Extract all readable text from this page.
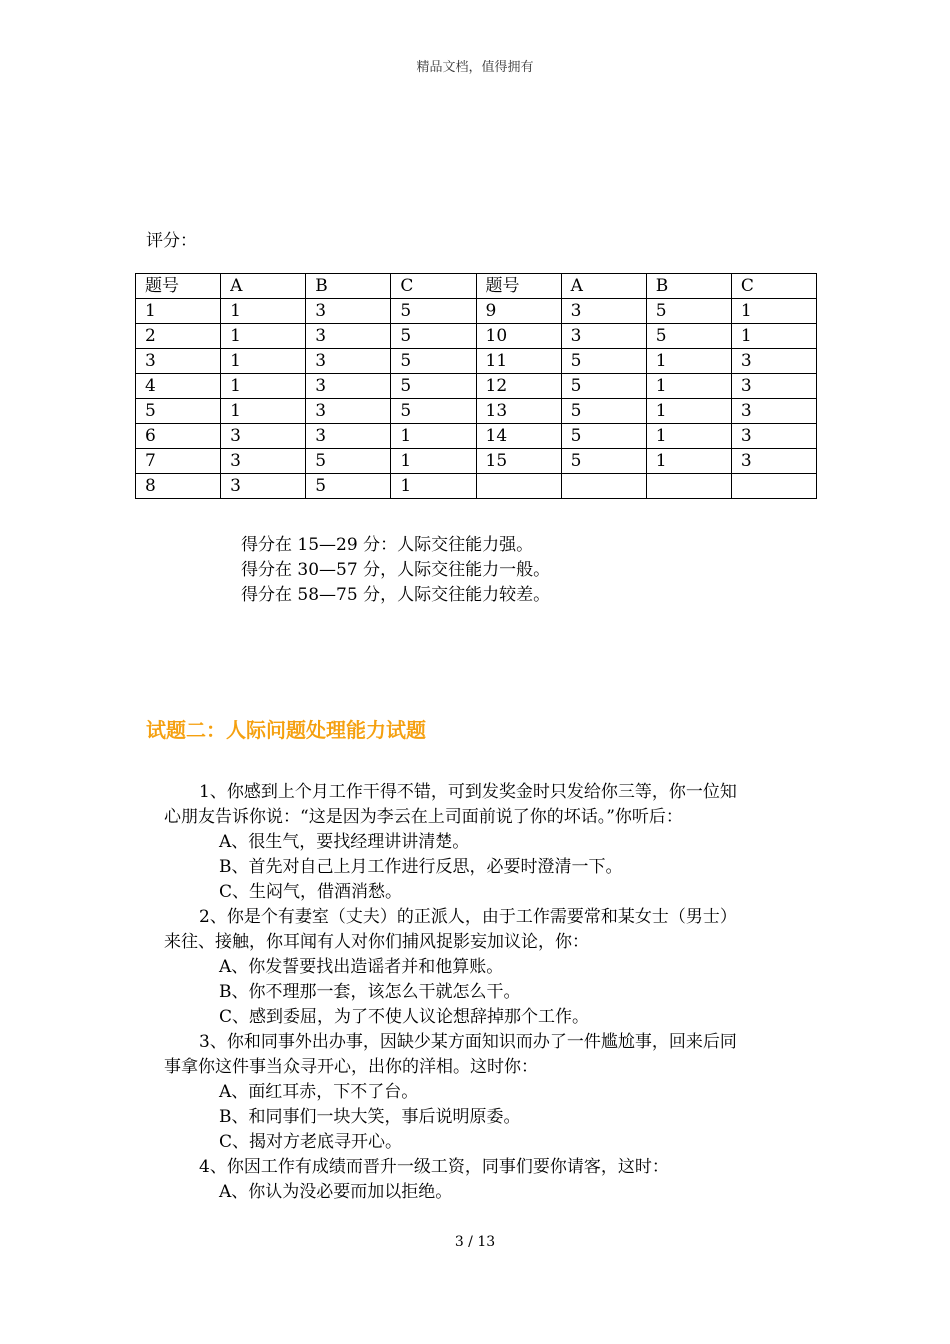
精品文档，值得拥有
评分：
题号	A	B	C	题号	A	B	C
1	1	3	5	9	3	5	1
2	1	3	5	10	3	5	1
3	1	3	5	11	5	1	3
4	1	3	5	12	5	1	3
5	1	3	5	13	5	1	3
6	3	3	1	14	5	1	3
7	3	5	1	15	5	1	3
8	3	5	1				
得分在 15—29 分：人际交往能力强。
得分在 30—57 分，人际交往能力一般。
得分在 58—75 分，人际交往能力较差。
试题二：人际问题处理能力试题
1、你感到上个月工作干得不错，可到发奖金时只发给你三等，你一位知
心朋友告诉你说：“这是因为李云在上司面前说了你的坏话。”你听后：
A、很生气，要找经理讲讲清楚。
B、首先对自己上月工作进行反思，必要时澄清一下。
C、生闷气，借酒消愁。
2、你是个有妻室（丈夫）的正派人，由于工作需要常和某女士（男士）
来往、接触，你耳闻有人对你们捕风捉影妄加议论，你：
A、你发誓要找出造谣者并和他算账。
B、你不理那一套，该怎么干就怎么干。
C、感到委屈，为了不使人议论想辞掉那个工作。
3、你和同事外出办事，因缺少某方面知识而办了一件尴尬事，回来后同
事拿你这件事当众寻开心，出你的洋相。这时你：
A、面红耳赤，下不了台。
B、和同事们一块大笑，事后说明原委。
C、揭对方老底寻开心。
4、你因工作有成绩而晋升一级工资，同事们要你请客，这时：
A、你认为没必要而加以拒绝。
3 / 13
